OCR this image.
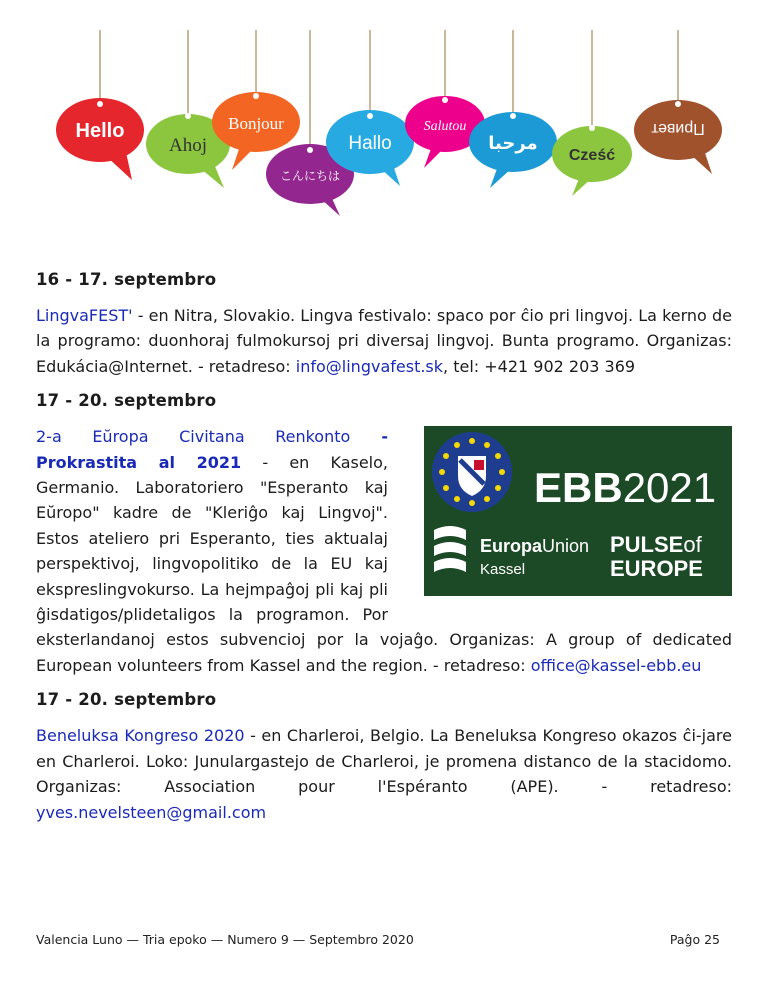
Hello
Ahoj
Bonjour
こんにちは
Hallo
Salutou
مرحبا
Cześć
Привет
16 - 17. septembro

LingvaFEST' - en Nitra, Slovakio. Lingva festivalo: spaco por ĉio pri lingvoj. La kerno de la programo: duonhoraj fulmokursoj pri diversaj lingvoj. Bunta programo. Organizas: Edukácia@Internet. - retadreso: info@lingvafest.sk, tel: +421 902 203 369

17 - 20. septembro

EBB2021
EuropaUnion
Kassel
PULSEof
EUROPE
2-a Eŭropa Civitana Renkonto - Prokrastita al 2021 - en Kaselo, Germanio. Laboratoriero "Esperanto kaj Eŭropo" kadre de "Kleriĝo kaj Lingvoj". Estos ateliero pri Esperanto, ties aktualaj perspektivoj, lingvopolitiko de la EU kaj ekspreslingvokurso. La hejmpaĝoj pli kaj pli ĝisdatigos/plidetaligos la programon. Por eksterlandanoj estos subvencioj por la vojaĝo. Organizas: A group of dedicated European volunteers from Kassel and the region. - retadreso: office@kassel-ebb.eu

17 - 20. septembro

Beneluksa Kongreso 2020 - en Charleroi, Belgio. La Beneluksa Kongreso okazos ĉi-jare en Charleroi. Loko: Junulargastejo de Charleroi, je promena distanco de la stacidomo. Organizas: Association pour l'Espéranto (APE). - retadreso: yves.nevelsteen@gmail.com

Valencia Luno — Tria epoko — Numero 9 — Septembro 2020	Paĝo 25
